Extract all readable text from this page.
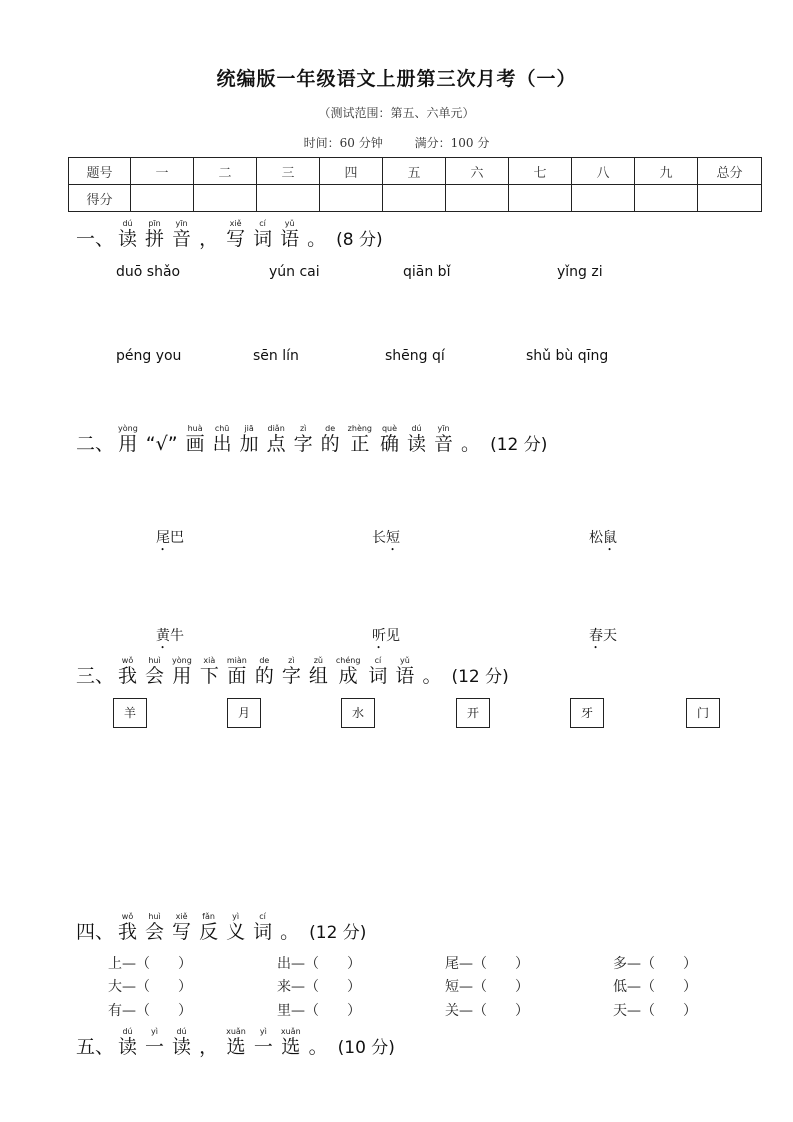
统编版一年级语文上册第三次月考（一）
（测试范围：第五、六单元）
时间：60 分钟	满分：100 分
题号	一	二	三	四	五	六	七	八	九	总分
得分										
一、 读dú拼pīn音yīn， 写xiě词cí语yǔ。 (8 分)
duō shǎo	yún cai	qiān bǐ	yǐng zi
péng you	sēn lín	shēng qí	shǔ bù qīng
二、 用yòng“√” 画huà出chū加jiā点diǎn字zì的de正zhèng确què读dú音yīn。 (12 分)
尾巴	长短	松鼠
黄牛	听见	春天
三、 我wǒ会huì用yòng下xià面miàn的de字zì组zǔ成chéng词cí语yǔ。 (12 分)
羊	月	水	开	牙	门
四、 我wǒ会huì写xiě反fǎn义yì词cí。 (12 分)
上—（　　）	出—（　　）	尾—（　　）	多—（　　）
大—（　　）	来—（　　）	短—（　　）	低—（　　）
有—（　　）	里—（　　）	关—（　　）	天—（　　）
五、 读dú一yì读dú， 选xuǎn一yì选xuǎn。 (10 分)
